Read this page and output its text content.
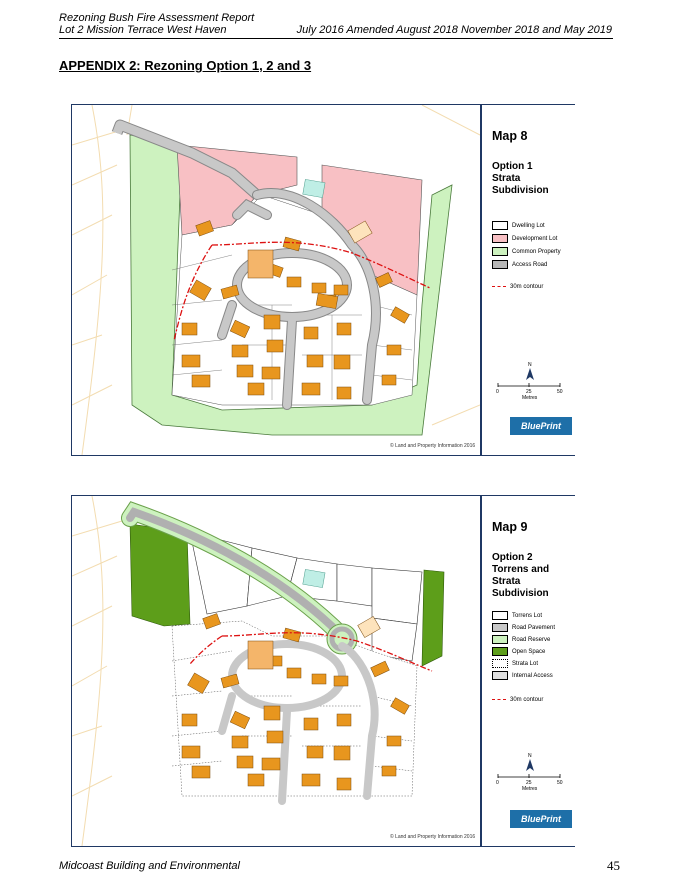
Rezoning Bush Fire Assessment Report
Lot 2 Mission Terrace West Haven	July 2016 Amended August 2018 November 2018 and May 2019
APPENDIX 2: Rezoning Option 1, 2 and 3
Map 8
Option 1
Strata
Subdivision
Dwelling Lot
Development Lot
Common Property
Access Road
30m contour
N
0	25	50
Metres
BluePrint
© Land and Property Information 2016
Map 9
Option 2
Torrens and
Strata
Subdivision
Torrens Lot
Road Pavement
Road Reserve
Open Space
Strata Lot
Internal Access
30m contour
N
0	25	50
Metres
BluePrint
© Land and Property Information 2016
Midcoast Building and Environmental	45
